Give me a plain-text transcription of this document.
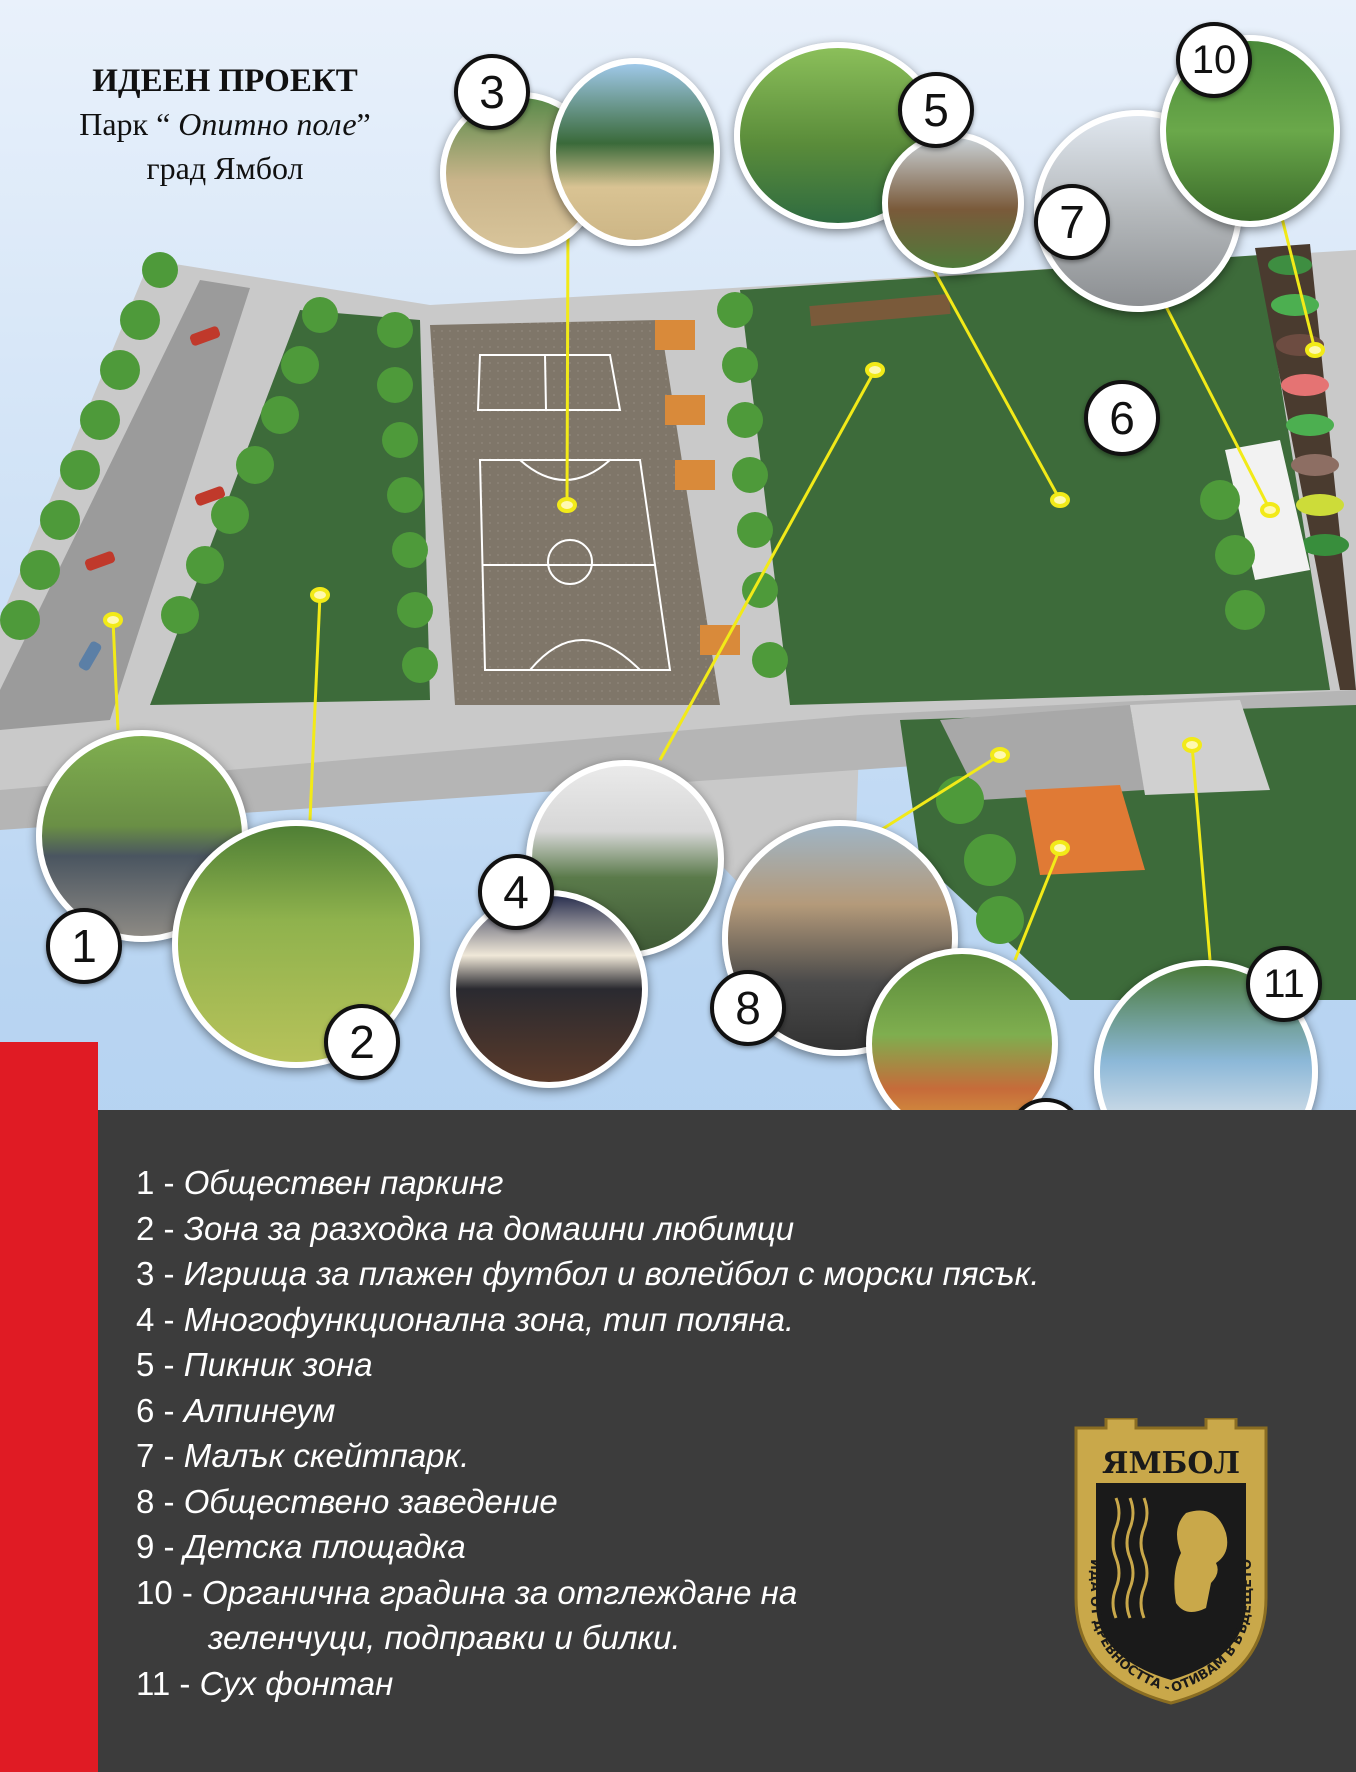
ИДЕЕН ПРОЕКТ
Парк “ Опитно поле”
град Ямбол
1
2
3
4
5
6
7
8
10
11
1 - Обществен паркинг
2 - Зона за разходка на домашни любимци
3 - Игрища за плажен футбол и волейбол с морски пясък.
4 - Многофункционална зона, тип поляна.
5 - Пикник зона
6 - Алпинеум
7 - Малък скейтпарк.
8 - Обществено заведение
9 - Детска площадка
10 - Органична градина за отглеждане на
зеленчуци, подправки и билки.
11 - Сух фонтан
ЯМБОЛ
ИДА ОТ ДРЕВНОСТТА - ОТИВАМ В БЪДЕЩЕТО
